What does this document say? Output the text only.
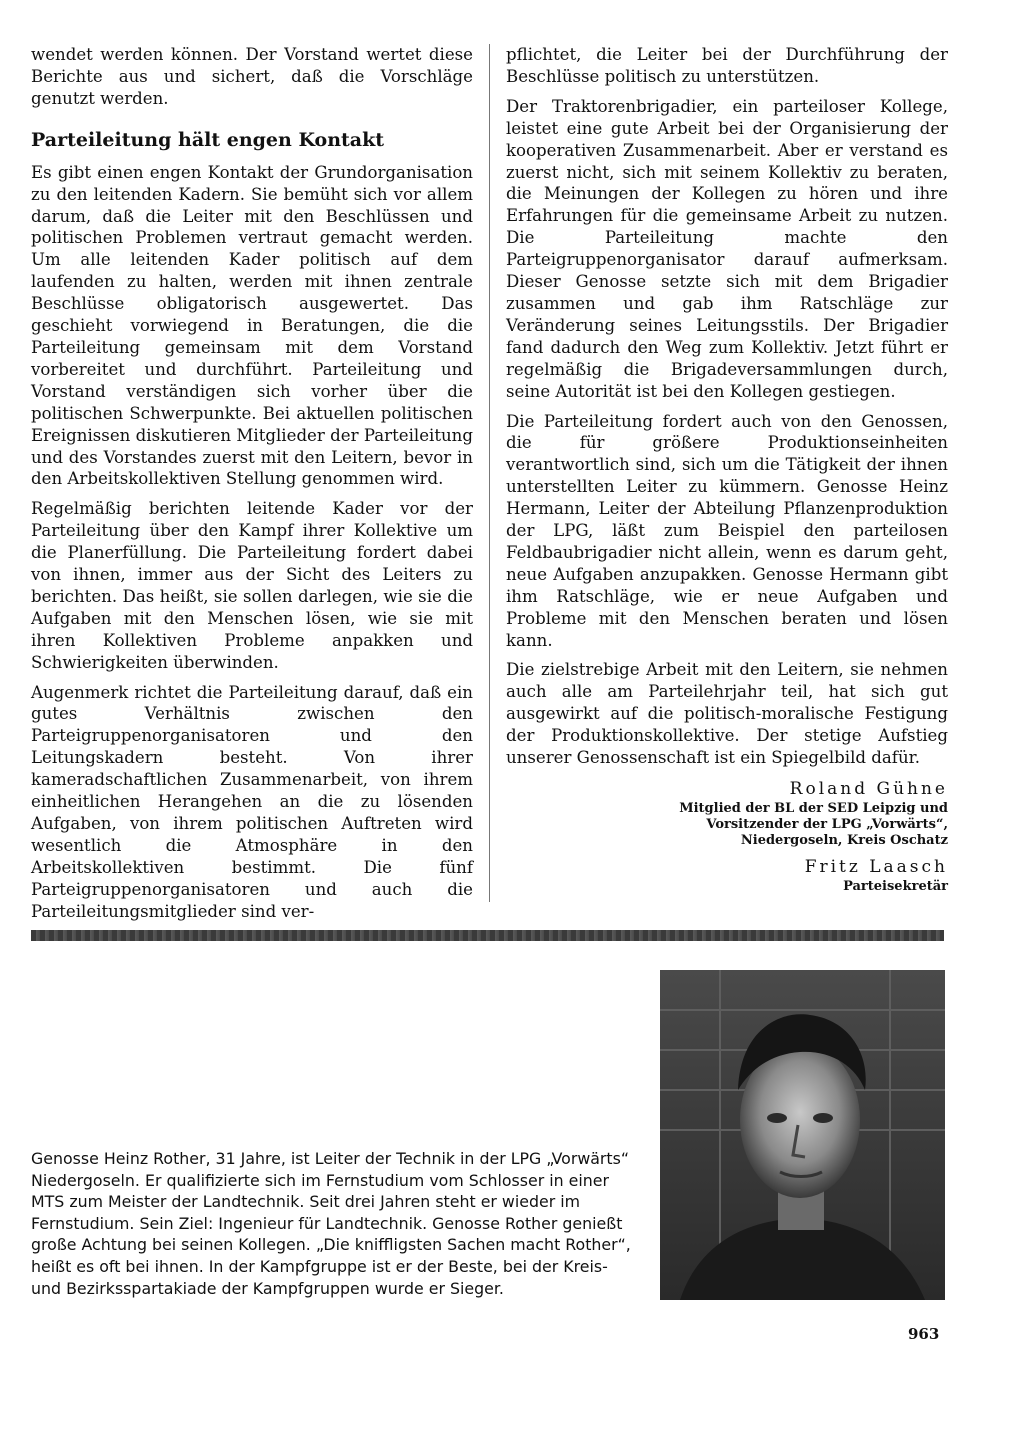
wendet werden können. Der Vorstand wertet diese Berichte aus und sichert, daß die Vorschläge genutzt werden.

Parteileitung hält engen Kontakt

Es gibt einen engen Kontakt der Grundorganisation zu den leitenden Kadern. Sie bemüht sich vor allem darum, daß die Leiter mit den Beschlüssen und politischen Problemen vertraut gemacht werden. Um alle leitenden Kader politisch auf dem laufenden zu halten, werden mit ihnen zentrale Beschlüsse obligatorisch ausgewertet. Das geschieht vorwiegend in Beratungen, die die Parteileitung gemeinsam mit dem Vorstand vorbereitet und durchführt. Parteileitung und Vorstand verständigen sich vorher über die politischen Schwerpunkte. Bei aktuellen politischen Ereignissen diskutieren Mitglieder der Parteileitung und des Vorstandes zuerst mit den Leitern, bevor in den Arbeitskollektiven Stellung genommen wird.

Regelmäßig berichten leitende Kader vor der Parteileitung über den Kampf ihrer Kollektive um die Planerfüllung. Die Parteileitung fordert dabei von ihnen, immer aus der Sicht des Leiters zu berichten. Das heißt, sie sollen darlegen, wie sie die Aufgaben mit den Menschen lösen, wie sie mit ihren Kollektiven Probleme anpakken und Schwierigkeiten überwinden.

Augenmerk richtet die Parteileitung darauf, daß ein gutes Verhältnis zwischen den Parteigruppenorganisatoren und den Leitungskadern besteht. Von ihrer kameradschaftlichen Zusammenarbeit, von ihrem einheitlichen Herangehen an die zu lösenden Aufgaben, von ihrem politischen Auftreten wird wesentlich die Atmosphäre in den Arbeitskollektiven bestimmt. Die fünf Parteigruppenorganisatoren und auch die Parteileitungsmitglieder sind ver-

pflichtet, die Leiter bei der Durchführung der Beschlüsse politisch zu unterstützen.

Der Traktorenbrigadier, ein parteiloser Kollege, leistet eine gute Arbeit bei der Organisierung der kooperativen Zusammenarbeit. Aber er verstand es zuerst nicht, sich mit seinem Kollektiv zu beraten, die Meinungen der Kollegen zu hören und ihre Erfahrungen für die gemeinsame Arbeit zu nutzen. Die Parteileitung machte den Parteigruppenorganisator darauf aufmerksam. Dieser Genosse setzte sich mit dem Brigadier zusammen und gab ihm Ratschläge zur Veränderung seines Leitungsstils. Der Brigadier fand dadurch den Weg zum Kollektiv. Jetzt führt er regelmäßig die Brigadeversammlungen durch, seine Autorität ist bei den Kollegen gestiegen.

Die Parteileitung fordert auch von den Genossen, die für größere Produktionseinheiten verantwortlich sind, sich um die Tätigkeit der ihnen unterstellten Leiter zu kümmern. Genosse Heinz Hermann, Leiter der Abteilung Pflanzenproduktion der LPG, läßt zum Beispiel den parteilosen Feldbaubrigadier nicht allein, wenn es darum geht, neue Aufgaben anzupakken. Genosse Hermann gibt ihm Ratschläge, wie er neue Aufgaben und Probleme mit den Menschen beraten und lösen kann.

Die zielstrebige Arbeit mit den Leitern, sie nehmen auch alle am Parteilehrjahr teil, hat sich gut ausgewirkt auf die politisch-moralische Festigung der Produktionskollektive. Der stetige Aufstieg unserer Genossenschaft ist ein Spiegelbild dafür.

Roland Gühne
Mitglied der BL der SED Leipzig und
Vorsitzender der LPG „Vorwärts“,
Niedergoseln, Kreis Oschatz
Fritz Laasch
Parteisekretär
Genosse Heinz Rother, 31 Jahre, ist Leiter der Technik in der LPG „Vorwärts“ Niedergoseln. Er qualifizierte sich im Fernstudium vom Schlosser in einer MTS zum Meister der Landtechnik. Seit drei Jahren steht er wieder im Fernstudium. Sein Ziel: Ingenieur für Landtechnik. Genosse Rother genießt große Achtung bei seinen Kollegen. „Die kniffligsten Sachen macht Rother“, heißt es oft bei ihnen. In der Kampfgruppe ist er der Beste, bei der Kreis- und Bezirksspartakiade der Kampfgruppen wurde er Sieger.
963
